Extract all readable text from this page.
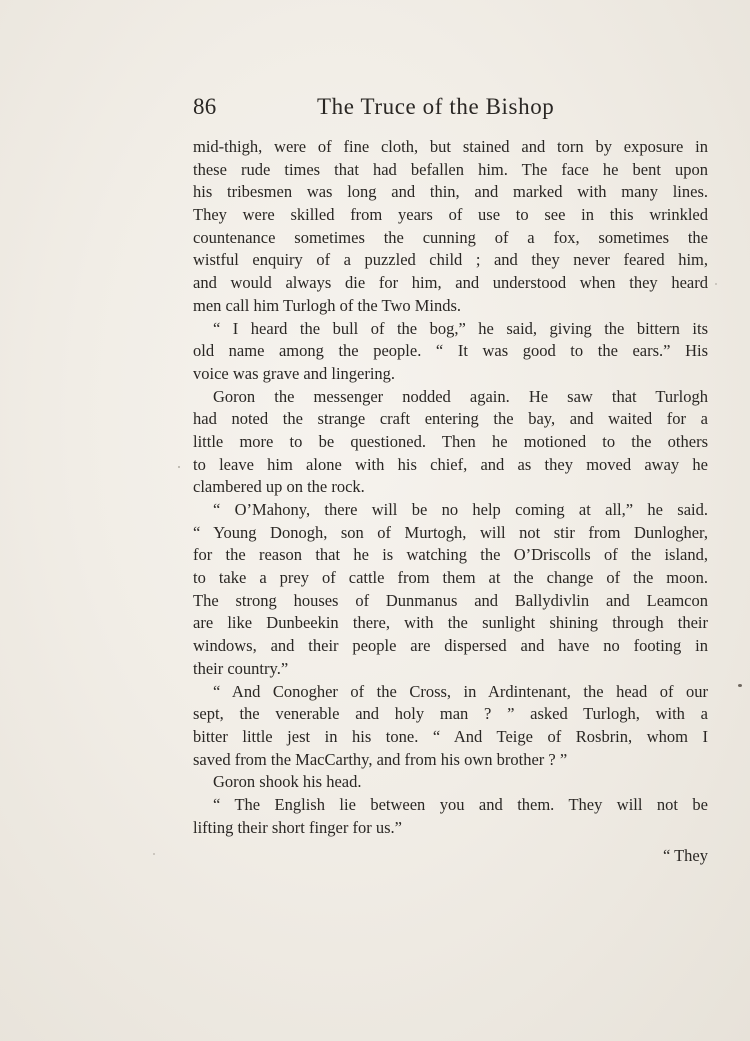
86	The Truce of the Bishop
mid-thigh, were of fine cloth, but stained and torn by exposure in
these rude times that had befallen him. The face he bent upon
his tribesmen was long and thin, and marked with many lines.
They were skilled from years of use to see in this wrinkled
countenance sometimes the cunning of a fox, sometimes the
wistful enquiry of a puzzled child ; and they never feared him,
and would always die for him, and understood when they heard
men call him Turlogh of the Two Minds.
“ I heard the bull of the bog,” he said, giving the bittern its
old name among the people. “ It was good to the ears.” His
voice was grave and lingering.
Goron the messenger nodded again. He saw that Turlogh
had noted the strange craft entering the bay, and waited for a
little more to be questioned. Then he motioned to the others
to leave him alone with his chief, and as they moved away he
clambered up on the rock.
“ O’Mahony, there will be no help coming at all,” he said.
“ Young Donogh, son of Murtogh, will not stir from Dunlogher,
for the reason that he is watching the O’Driscolls of the island,
to take a prey of cattle from them at the change of the moon.
The strong houses of Dunmanus and Ballydivlin and Leamcon
are like Dunbeekin there, with the sunlight shining through their
windows, and their people are dispersed and have no footing in
their country.”
“ And Conogher of the Cross, in Ardintenant, the head of our
sept, the venerable and holy man ? ” asked Turlogh, with a
bitter little jest in his tone. “ And Teige of Rosbrin, whom I
saved from the MacCarthy, and from his own brother ? ”
Goron shook his head.
“ The English lie between you and them. They will not be
lifting their short finger for us.”
“ They
